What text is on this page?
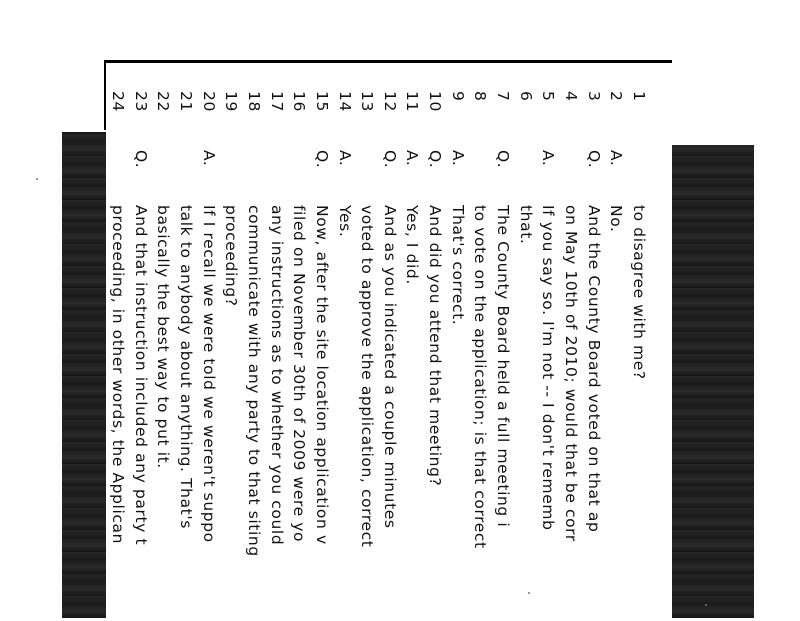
1
to disagree with me?
2
A.
No.
3
Q.
And the County Board voted on that ap
4
on May 10th of 2010; would that be corr
5
A.
If you say so. I'm not -- I don't rememb
6
that.
7
Q.
The County Board held a full meeting i
8
to vote on the application; is that correct
9
A.
That's correct.
10
Q.
And did you attend that meeting?
11
A.
Yes, I did.
12
Q.
And as you indicated a couple minutes
13
voted to approve the application, correct
14
A.
Yes.
15
Q.
Now, after the site location application v
16
filed on November 30th of 2009 were yo
17
any instructions as to whether you could
18
communicate with any party to that siting
19
proceeding?
20
A.
If I recall we were told we weren't suppo
21
talk to anybody about anything. That's
22
basically the best way to put it.
23
Q.
And that instruction included any party t
24
proceeding, in other words, the Applican
